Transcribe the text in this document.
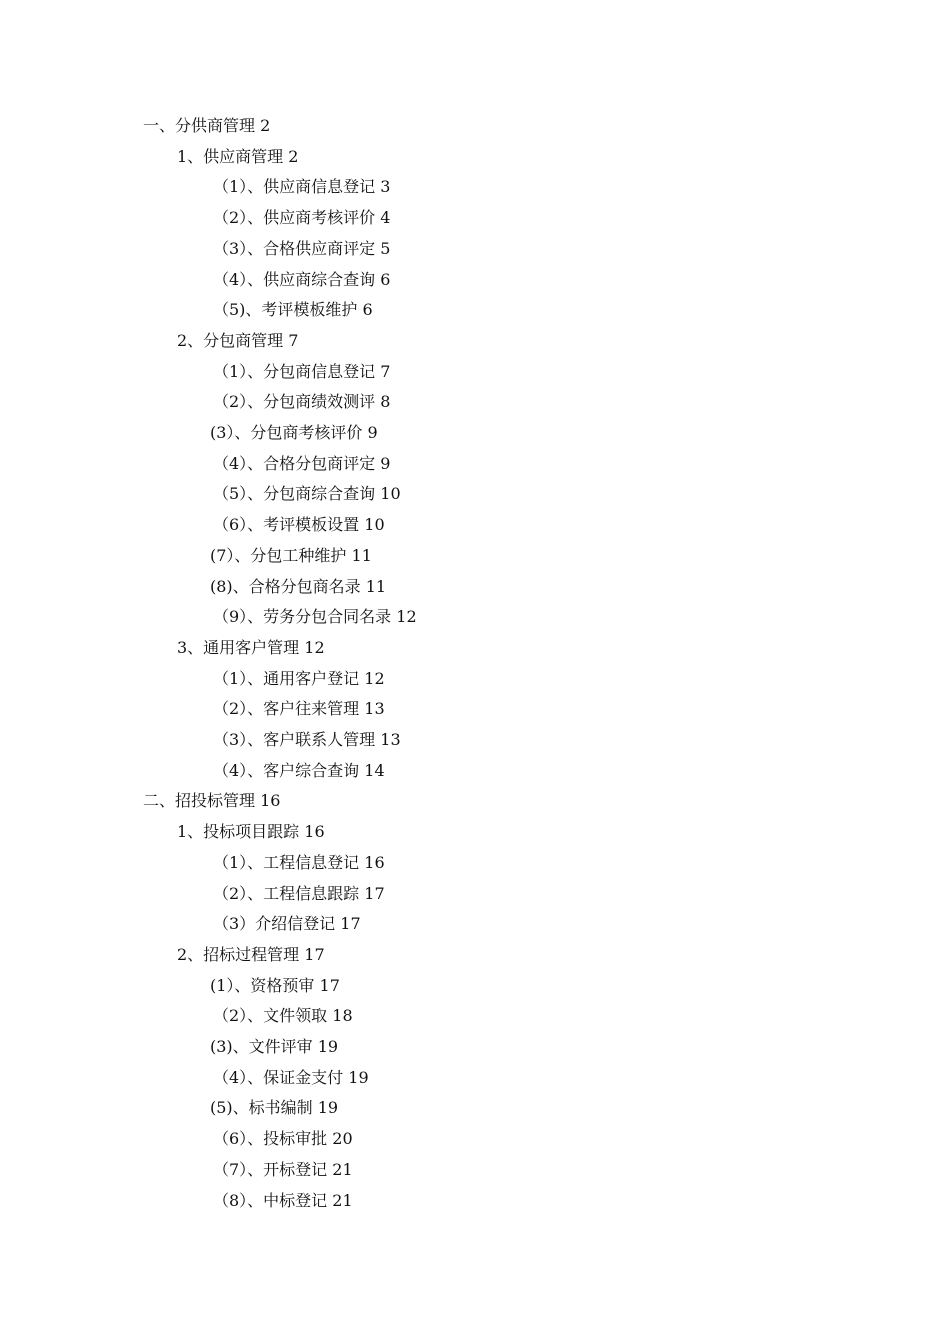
一、分供商管理 2
1、供应商管理 2
（1）、供应商信息登记 3
（2）、供应商考核评价 4
（3）、合格供应商评定 5
（4）、供应商综合查询 6
（5)、考评模板维护 6
2、分包商管理 7
（1）、分包商信息登记 7
（2）、分包商绩效测评 8
(3）、分包商考核评价 9
（4）、合格分包商评定 9
（5）、分包商综合查询 10
（6）、考评模板设置 10
(7）、分包工种维护 11
(8)、合格分包商名录 11
（9）、劳务分包合同名录 12
3、通用客户管理 12
（1）、通用客户登记 12
（2）、客户往来管理 13
（3）、客户联系人管理 13
（4）、客户综合查询 14
二、招投标管理 16
1、投标项目跟踪 16
（1）、工程信息登记 16
（2）、工程信息跟踪 17
（3）介绍信登记 17
2、招标过程管理 17
(1）、资格预审 17
（2）、文件领取 18
(3)、文件评审 19
（4）、保证金支付 19
(5)、标书编制 19
（6）、投标审批 20
（7）、开标登记 21
（8）、中标登记 21
